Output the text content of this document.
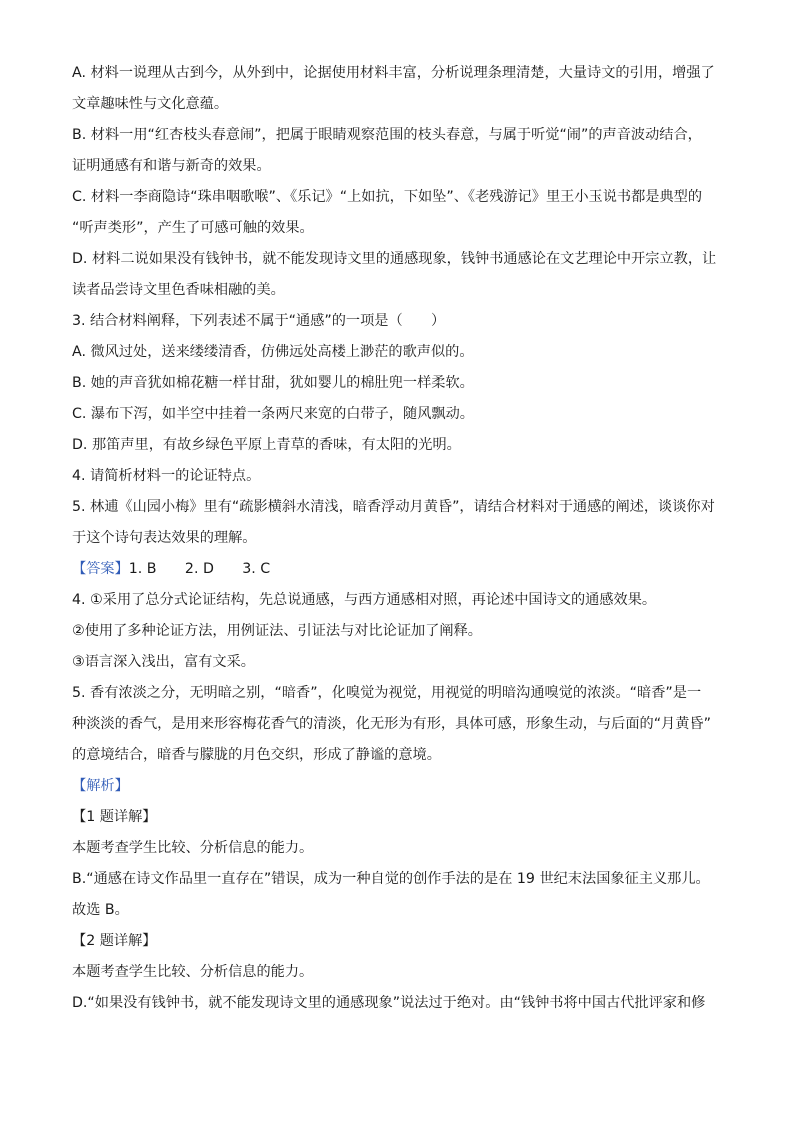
A. 材料一说理从古到今，从外到中，论据使用材料丰富，分析说理条理清楚，大量诗文的引用，增强了
文章趣味性与文化意蕴。
B. 材料一用“红杏枝头春意闹”，把属于眼睛观察范围的枝头春意，与属于听觉“闹”的声音波动结合，
证明通感有和谐与新奇的效果。
C. 材料一李商隐诗“珠串咽歌喉”、《乐记》“上如抗，下如坠”、《老残游记》里王小玉说书都是典型的
“听声类形”，产生了可感可触的效果。
D. 材料二说如果没有钱钟书，就不能发现诗文里的通感现象，钱钟书通感论在文艺理论中开宗立教，让
读者品尝诗文里色香味相融的美。
3. 结合材料阐释，下列表述不属于“通感”的一项是（　　）
A. 微风过处，送来缕缕清香，仿佛远处高楼上渺茫的歌声似的。
B. 她的声音犹如棉花糖一样甘甜，犹如婴儿的棉肚兜一样柔软。
C. 瀑布下泻，如半空中挂着一条两尺来宽的白带子，随风飘动。
D. 那笛声里，有故乡绿色平原上青草的香味，有太阳的光明。
4. 请简析材料一的论证特点。
5. 林逋《山园小梅》里有“疏影横斜水清浅，暗香浮动月黄昏”，请结合材料对于通感的阐述，谈谈你对
于这个诗句表达效果的理解。
【答案】1. B　　2. D　　3. C
4. ①采用了总分式论证结构，先总说通感，与西方通感相对照，再论述中国诗文的通感效果。
②使用了多种论证方法，用例证法、引证法与对比论证加了阐释。
③语言深入浅出，富有文采。
5. 香有浓淡之分，无明暗之别，“暗香”，化嗅觉为视觉，用视觉的明暗沟通嗅觉的浓淡。“暗香”是一
种淡淡的香气，是用来形容梅花香气的清淡，化无形为有形，具体可感，形象生动，与后面的“月黄昏”
的意境结合，暗香与朦胧的月色交织，形成了静谧的意境。
【解析】
【1 题详解】
本题考查学生比较、分析信息的能力。
B.“通感在诗文作品里一直存在”错误，成为一种自觉的创作手法的是在 19 世纪末法国象征主义那儿。
故选 B。
【2 题详解】
本题考查学生比较、分析信息的能力。
D.“如果没有钱钟书，就不能发现诗文里的通感现象”说法过于绝对。由“钱钟书将中国古代批评家和修
